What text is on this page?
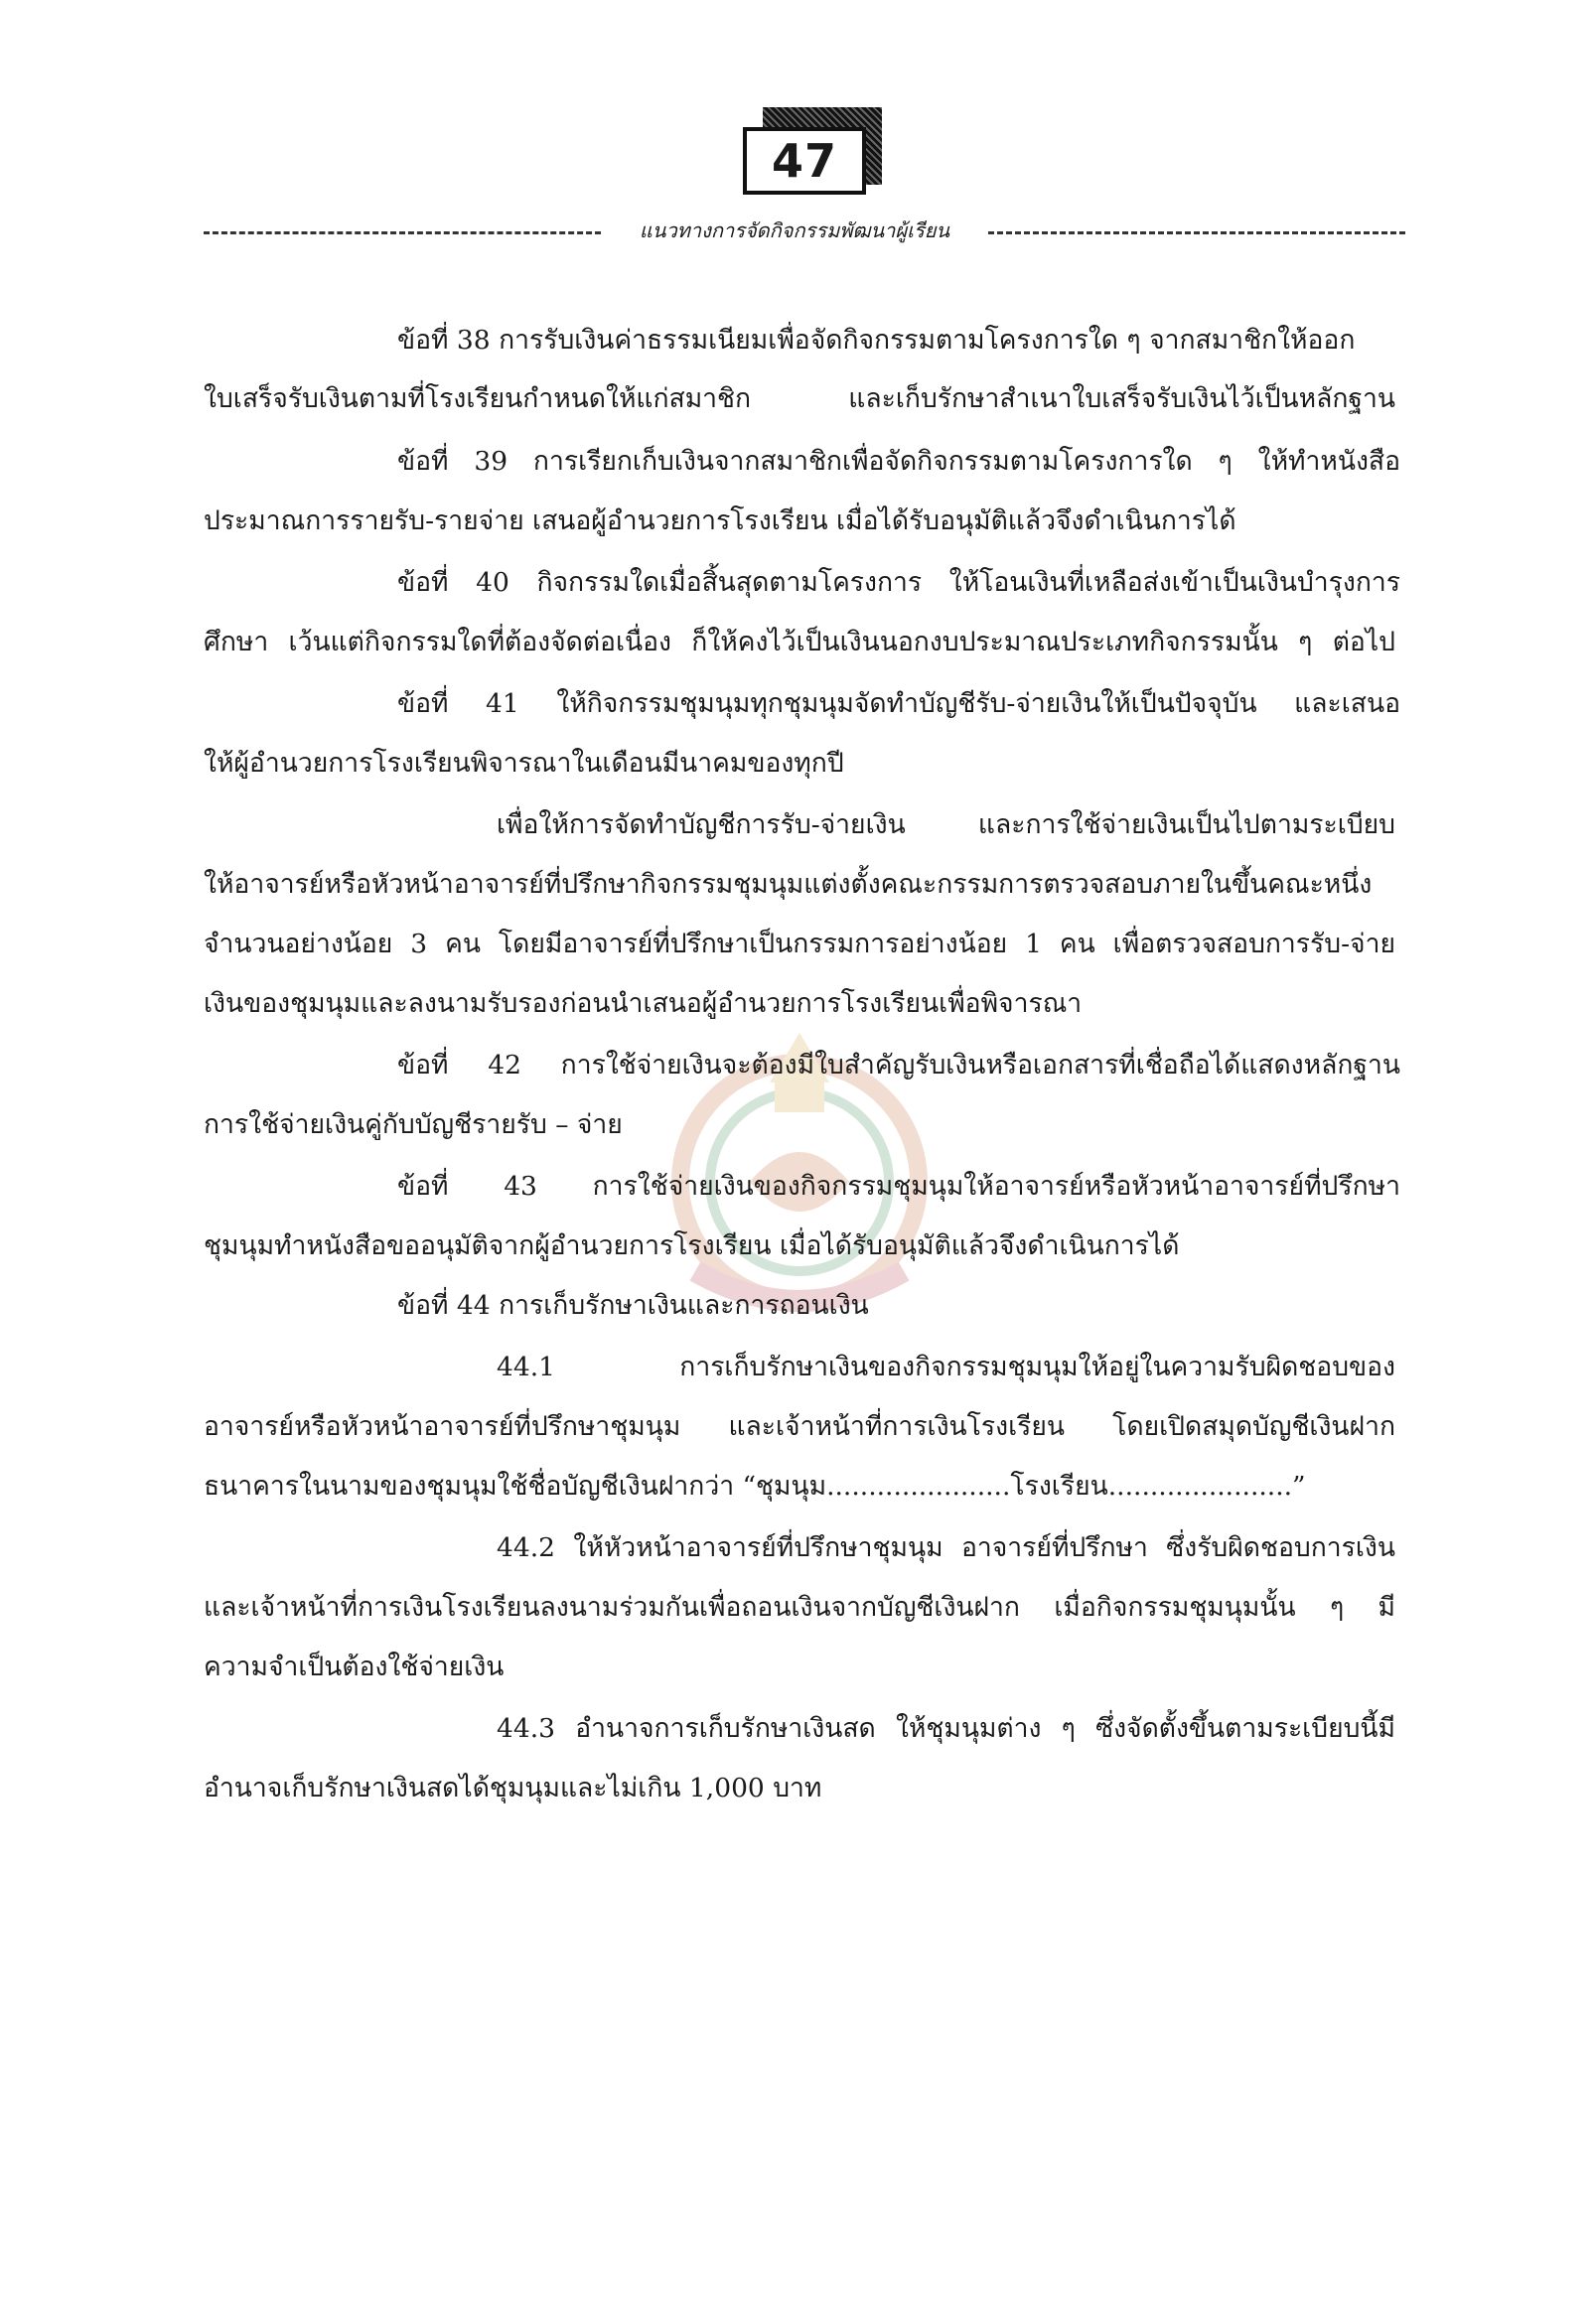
47
แนวทางการจัดกิจกรรมพัฒนาผู้เรียน
ข้อที่ 38 การรับเงินค่าธรรมเนียมเพื่อจัดกิจกรรมตามโครงการใด ๆ จากสมาชิกให้ออก
ใบเสร็จรับเงินตามที่โรงเรียนกำหนดให้แก่สมาชิก และเก็บรักษาสำเนาใบเสร็จรับเงินไว้เป็นหลักฐาน
ข้อที่ 39 การเรียกเก็บเงินจากสมาชิกเพื่อจัดกิจกรรมตามโครงการใด ๆ ให้ทำหนังสือ
ประมาณการรายรับ-รายจ่าย เสนอผู้อำนวยการโรงเรียน เมื่อได้รับอนุมัติแล้วจึงดำเนินการได้
ข้อที่ 40 กิจกรรมใดเมื่อสิ้นสุดตามโครงการ ให้โอนเงินที่เหลือส่งเข้าเป็นเงินบำรุงการ
ศึกษา เว้นแต่กิจกรรมใดที่ต้องจัดต่อเนื่อง ก็ให้คงไว้เป็นเงินนอกงบประมาณประเภทกิจกรรมนั้น ๆ ต่อไป
ข้อที่ 41 ให้กิจกรรมชุมนุมทุกชุมนุมจัดทำบัญชีรับ-จ่ายเงินให้เป็นปัจจุบัน และเสนอ
ให้ผู้อำนวยการโรงเรียนพิจารณาในเดือนมีนาคมของทุกปี
เพื่อให้การจัดทำบัญชีการรับ-จ่ายเงิน และการใช้จ่ายเงินเป็นไปตามระเบียบ
ให้อาจารย์หรือหัวหน้าอาจารย์ที่ปรึกษากิจกรรมชุมนุมแต่งตั้งคณะกรรมการตรวจสอบภายในขึ้นคณะหนึ่ง
จำนวนอย่างน้อย 3 คน โดยมีอาจารย์ที่ปรึกษาเป็นกรรมการอย่างน้อย 1 คน เพื่อตรวจสอบการรับ-จ่าย
เงินของชุมนุมและลงนามรับรองก่อนนำเสนอผู้อำนวยการโรงเรียนเพื่อพิจารณา
ข้อที่ 42 การใช้จ่ายเงินจะต้องมีใบสำคัญรับเงินหรือเอกสารที่เชื่อถือได้แสดงหลักฐาน
การใช้จ่ายเงินคู่กับบัญชีรายรับ – จ่าย
ข้อที่ 43 การใช้จ่ายเงินของกิจกรรมชุมนุมให้อาจารย์หรือหัวหน้าอาจารย์ที่ปรึกษา
ชุมนุมทำหนังสือขออนุมัติจากผู้อำนวยการโรงเรียน เมื่อได้รับอนุมัติแล้วจึงดำเนินการได้
ข้อที่ 44 การเก็บรักษาเงินและการถอนเงิน
44.1 การเก็บรักษาเงินของกิจกรรมชุมนุมให้อยู่ในความรับผิดชอบของ
อาจารย์หรือหัวหน้าอาจารย์ที่ปรึกษาชุมนุม และเจ้าหน้าที่การเงินโรงเรียน โดยเปิดสมุดบัญชีเงินฝาก
ธนาคารในนามของชุมนุมใช้ชื่อบัญชีเงินฝากว่า “ชุมนุม......................โรงเรียน......................”
44.2 ให้หัวหน้าอาจารย์ที่ปรึกษาชุมนุม อาจารย์ที่ปรึกษา ซึ่งรับผิดชอบการเงิน
และเจ้าหน้าที่การเงินโรงเรียนลงนามร่วมกันเพื่อถอนเงินจากบัญชีเงินฝาก เมื่อกิจกรรมชุมนุมนั้น ๆ มี
ความจำเป็นต้องใช้จ่ายเงิน
44.3 อำนาจการเก็บรักษาเงินสด ให้ชุมนุมต่าง ๆ ซึ่งจัดตั้งขึ้นตามระเบียบนี้มี
อำนาจเก็บรักษาเงินสดได้ชุมนุมและไม่เกิน 1,000 บาท
